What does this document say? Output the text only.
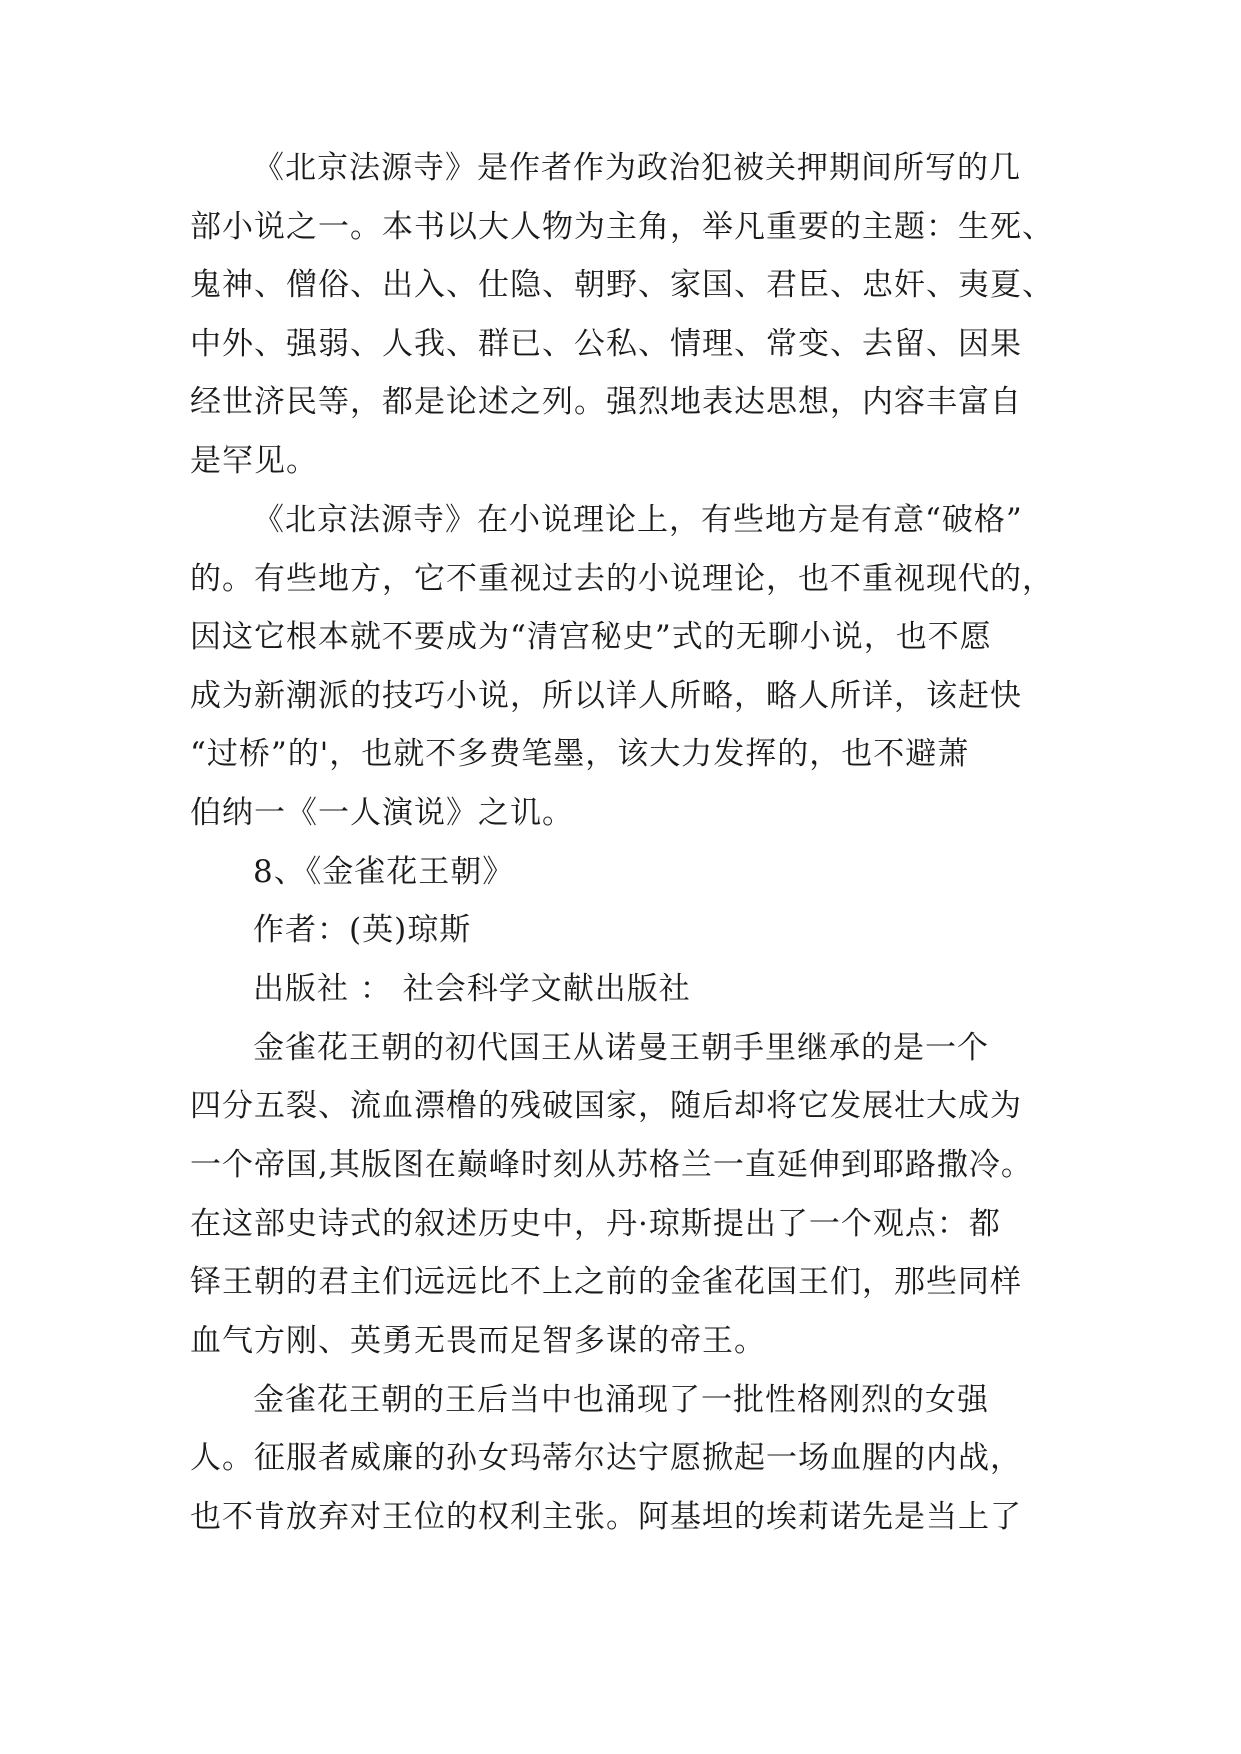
《北京法源寺》是作者作为政治犯被关押期间所写的几
部小说之一。本书以大人物为主角，举凡重要的主题：生死、
鬼神、僧俗、出入、仕隐、朝野、家国、君臣、忠奸、夷夏、
中外、强弱、人我、群已、公私、情理、常变、去留、因果
经世济民等，都是论述之列。强烈地表达思想，内容丰富自
是罕见。
《北京法源寺》在小说理论上，有些地方是有意“破格”
的。有些地方，它不重视过去的小说理论，也不重视现代的，
因这它根本就不要成为“清宫秘史”式的无聊小说，也不愿
成为新潮派的技巧小说，所以详人所略，略人所详，该赶快
“过桥”的'，也就不多费笔墨，该大力发挥的，也不避萧
伯纳一《一人演说》之讥。
8、《金雀花王朝》
作者：(英)琼斯
出版社 ： 社会科学文献出版社
金雀花王朝的初代国王从诺曼王朝手里继承的是一个
四分五裂、流血漂橹的残破国家，随后却将它发展壮大成为
一个帝国,其版图在巅峰时刻从苏格兰一直延伸到耶路撒冷。
在这部史诗式的叙述历史中，丹·琼斯提出了一个观点：都
铎王朝的君主们远远比不上之前的金雀花国王们，那些同样
血气方刚、英勇无畏而足智多谋的帝王。
金雀花王朝的王后当中也涌现了一批性格刚烈的女强
人。征服者威廉的孙女玛蒂尔达宁愿掀起一场血腥的内战，
也不肯放弃对王位的权利主张。阿基坦的埃莉诺先是当上了
